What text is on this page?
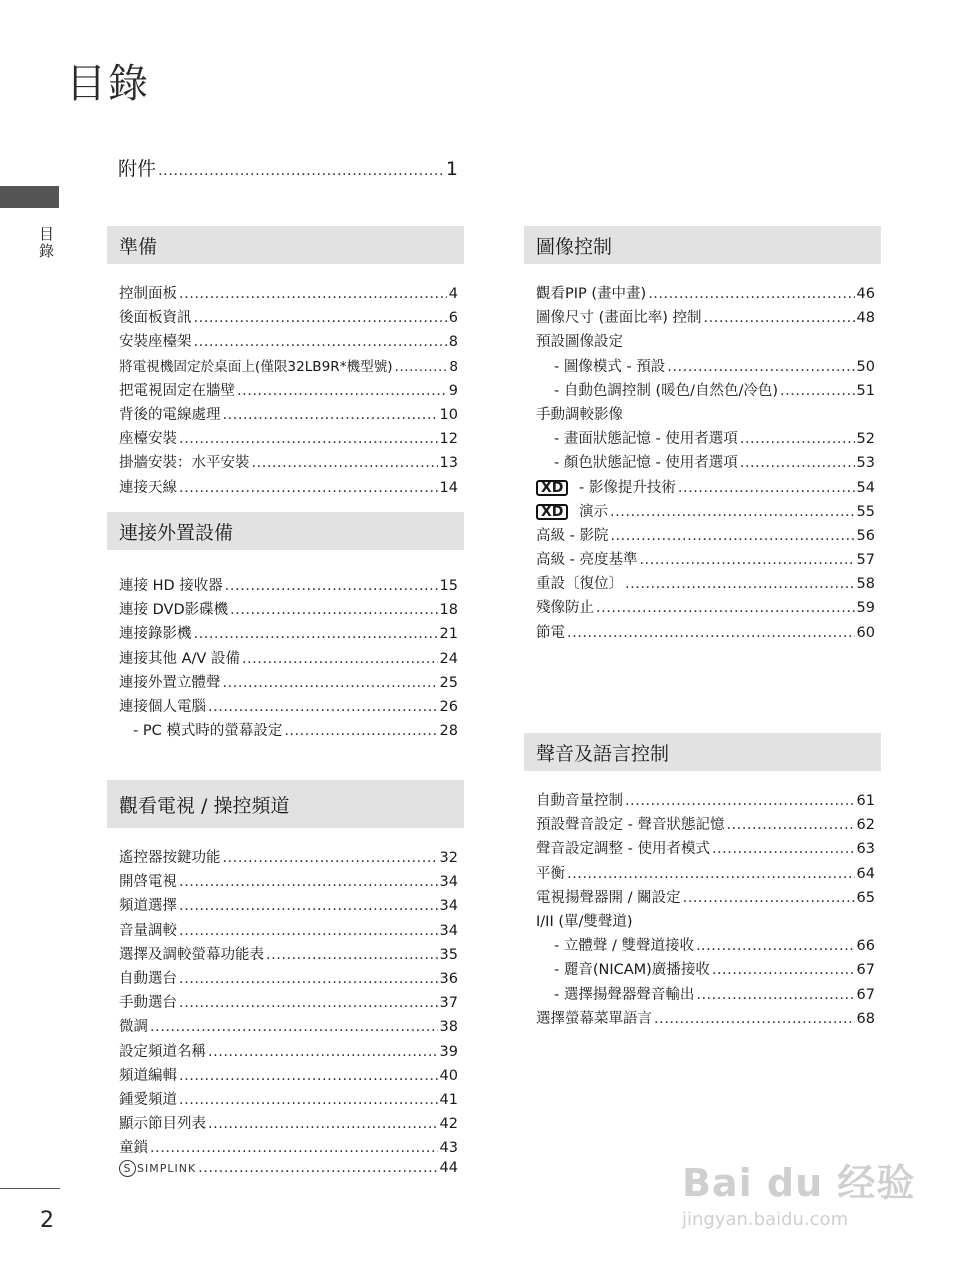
目錄
目錄
2
附件 .....	1
準備
控制面板 .....	4
後面板資訊 .....	6
安裝座檯架 .....	8
將電視機固定於桌面上(僅限32LB9R*機型號) .....	8
把電視固定在牆壁 .....	9
背後的電線處理 .....	10
座檯安裝 .....	12
掛牆安裝：水平安裝 .....	13
連接天線 .....	14
連接外置設備
連接 HD 接收器 .....	15
連接 DVD影碟機 .....	18
連接錄影機 .....	21
連接其他 A/V 設備 .....	24
連接外置立體聲 .....	25
連接個人電腦 .....	26
- PC 模式時的螢幕設定 .....	28
觀看電視 / 操控頻道
遙控器按鍵功能 .....	32
開啓電視 .....	34
頻道選擇 .....	34
音量調較 .....	34
選擇及調較螢幕功能表 .....	35
自動選台 .....	36
手動選台 .....	37
微調 .....	38
設定頻道名稱 .....	39
頻道編輯 .....	40
鍾愛頻道 .....	41
顯示節目列表 .....	42
童鎖 .....	43
S SIMPLINK .....	44
圖像控制
觀看PIP (畫中畫) .....	46
圖像尺寸 (畫面比率) 控制 .....	48
預設圖像設定
- 圖像模式 - 預設 .....	50
- 自動色調控制 (暖色/自然色/冷色) .....	51
手動調較影像
- 畫面狀態記憶 - 使用者選項 .....	52
- 顏色狀態記憶 - 使用者選項 .....	53
XD - 影像提升技術 .....	54
XD 演示 .....	55
高級 - 影院 .....	56
高級 - 亮度基準 .....	57
重設〔復位〕 .....	58
殘像防止 .....	59
節電 .....	60
聲音及語言控制
自動音量控制 .....	61
預設聲音設定 - 聲音狀態記憶 .....	62
聲音設定調整 - 使用者模式 .....	63
平衡 .....	64
電視揚聲器開 / 關設定 .....	65
I/II (單/雙聲道)
- 立體聲 / 雙聲道接收 .....	66
- 麗音(NICAM)廣播接收 .....	67
- 選擇揚聲器聲音輸出 .....	67
選擇螢幕菜單語言 .....	68
Bai du 经验
jingyan.baidu.com
